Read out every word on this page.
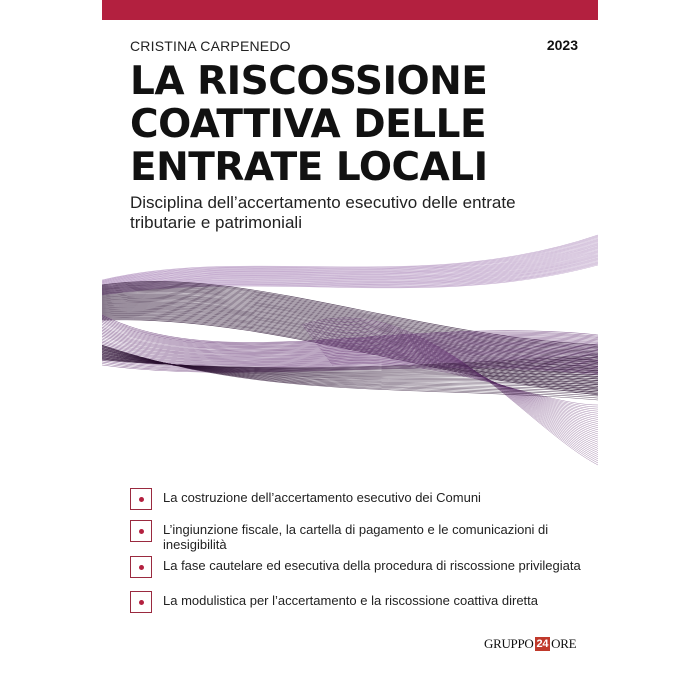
CRISTINA CARPENEDO	2023
LA RISCOSSIONE
COATTIVA DELLE
ENTRATE LOCALI
Disciplina dell’accertamento esecutivo delle entrate tributarie e patrimoniali
La costruzione dell’accertamento esecutivo dei Comuni
L’ingiunzione fiscale, la cartella di pagamento e le comunicazioni di inesigibilità
La fase cautelare ed esecutiva della procedura di riscossione privilegiata
La modulistica per l’accertamento e la riscossione coattiva diretta
GRUPPO 24 ORE
